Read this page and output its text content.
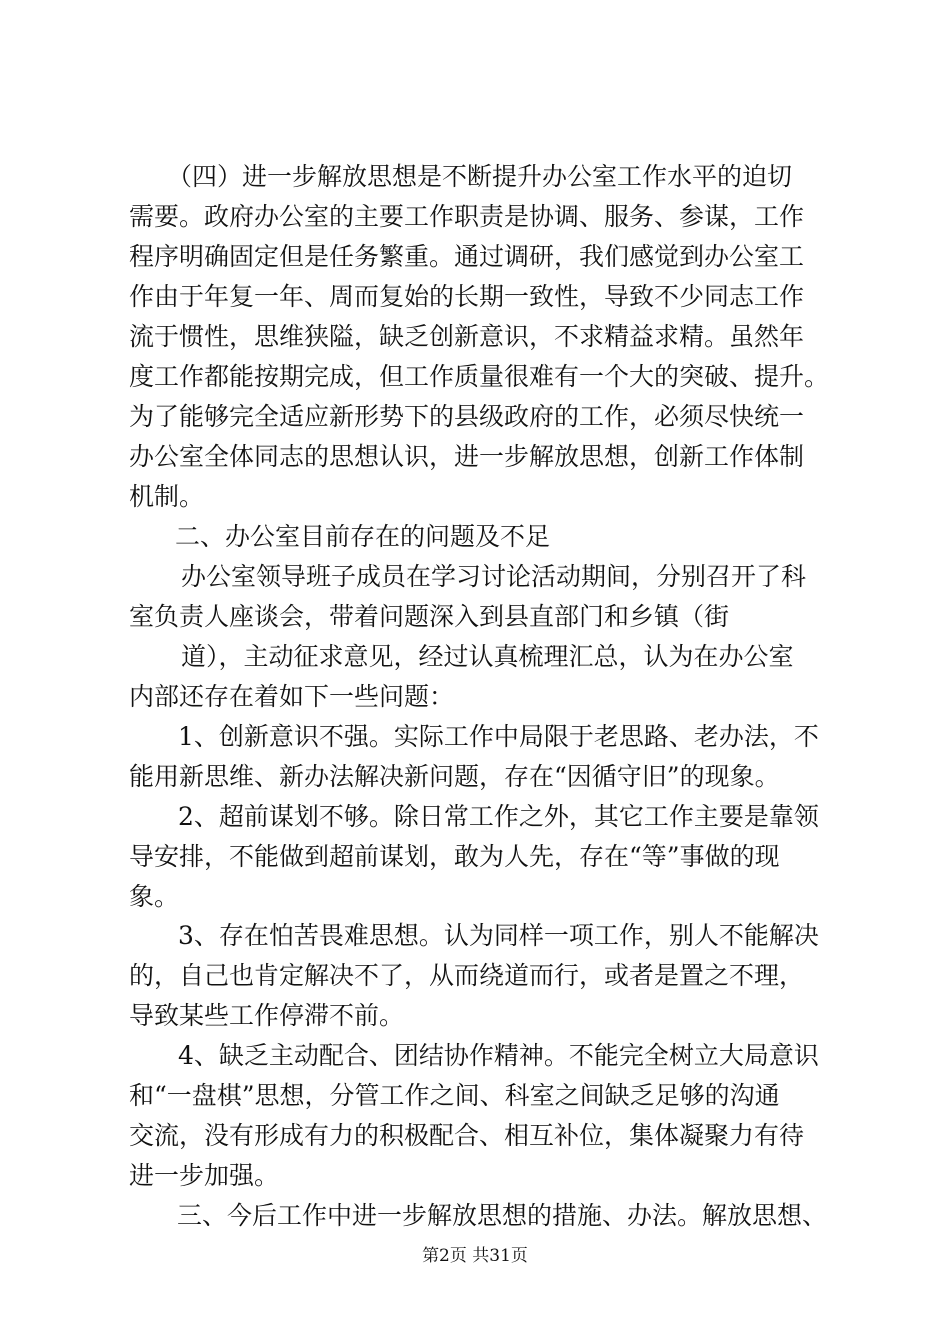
第2页 共31页
（四）进一步解放思想是不断提升办公室工作水平的迫切
需要。政府办公室的主要工作职责是协调、服务、参谋，工作
程序明确固定但是任务繁重。通过调研，我们感觉到办公室工
作由于年复一年、周而复始的长期一致性，导致不少同志工作
流于惯性，思维狭隘，缺乏创新意识，不求精益求精。虽然年
度工作都能按期完成，但工作质量很难有一个大的突破、提升。
为了能够完全适应新形势下的县级政府的工作，必须尽快统一
办公室全体同志的思想认识，进一步解放思想，创新工作体制
机制。
二、办公室目前存在的问题及不足
办公室领导班子成员在学习讨论活动期间，分别召开了科
室负责人座谈会，带着问题深入到县直部门和乡镇（街
道），主动征求意见，经过认真梳理汇总，认为在办公室
内部还存在着如下一些问题：
1、创新意识不强。实际工作中局限于老思路、老办法，不
能用新思维、新办法解决新问题，存在“因循守旧”的现象。
2、超前谋划不够。除日常工作之外，其它工作主要是靠领
导安排，不能做到超前谋划，敢为人先，存在“等”事做的现
象。
3、存在怕苦畏难思想。认为同样一项工作，别人不能解决
的，自己也肯定解决不了，从而绕道而行，或者是置之不理，
导致某些工作停滞不前。
4、缺乏主动配合、团结协作精神。不能完全树立大局意识
和“一盘棋”思想，分管工作之间、科室之间缺乏足够的沟通
交流，没有形成有力的积极配合、相互补位，集体凝聚力有待
进一步加强。
三、今后工作中进一步解放思想的措施、办法。解放思想、
